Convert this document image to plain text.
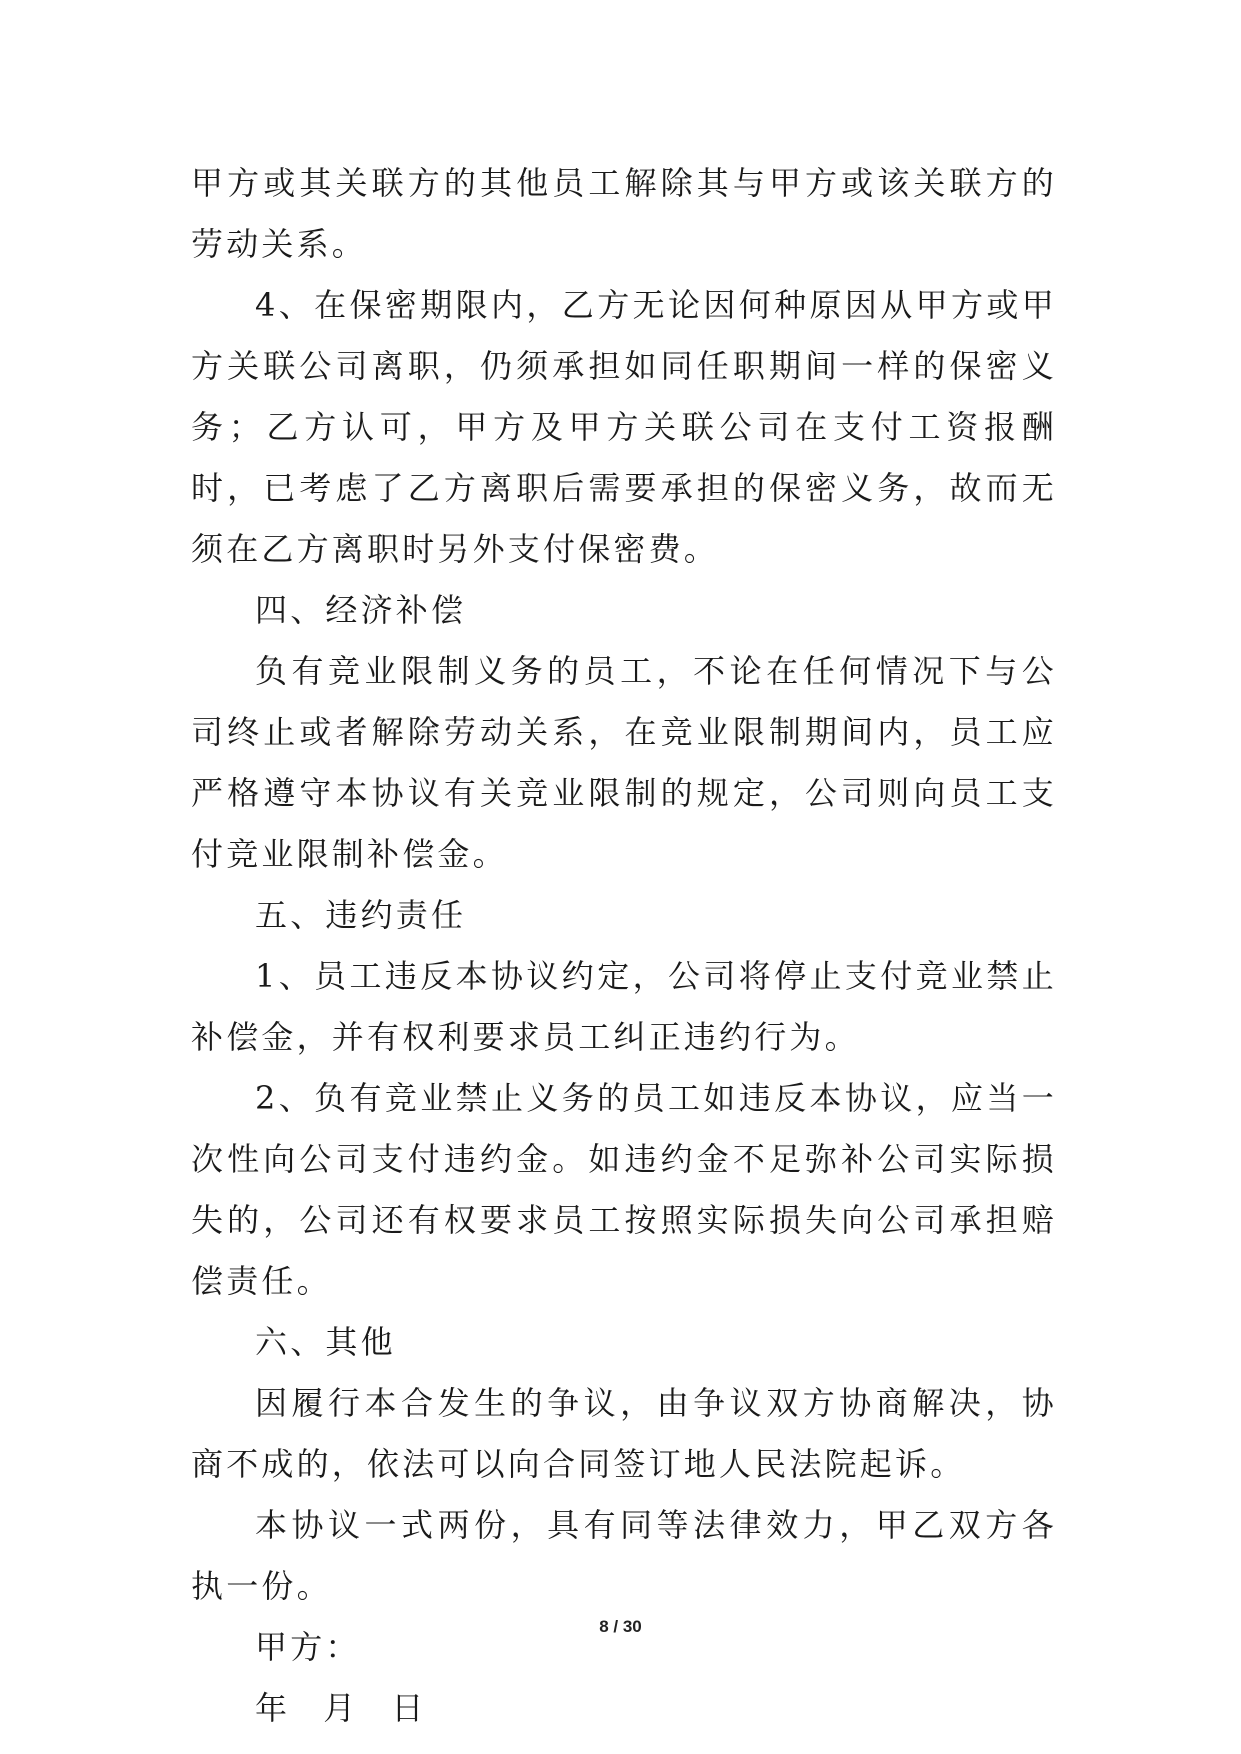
甲方或其关联方的其他员工解除其与甲方或该关联方的劳动关系。

4、在保密期限内，乙方无论因何种原因从甲方或甲方关联公司离职，仍须承担如同任职期间一样的保密义务；乙方认可，甲方及甲方关联公司在支付工资报酬时，已考虑了乙方离职后需要承担的保密义务，故而无须在乙方离职时另外支付保密费。

四、经济补偿

负有竞业限制义务的员工，不论在任何情况下与公司终止或者解除劳动关系，在竞业限制期间内，员工应严格遵守本协议有关竞业限制的规定，公司则向员工支付竞业限制补偿金。

五、违约责任

1、员工违反本协议约定，公司将停止支付竞业禁止补偿金，并有权利要求员工纠正违约行为。

2、负有竞业禁止义务的员工如违反本协议，应当一次性向公司支付违约金。如违约金不足弥补公司实际损失的，公司还有权要求员工按照实际损失向公司承担赔偿责任。

六、其他

因履行本合发生的争议，由争议双方协商解决，协商不成的，依法可以向合同签订地人民法院起诉。

本协议一式两份，具有同等法律效力，甲乙双方各执一份。

甲方：

年 月 日

8 / 30
